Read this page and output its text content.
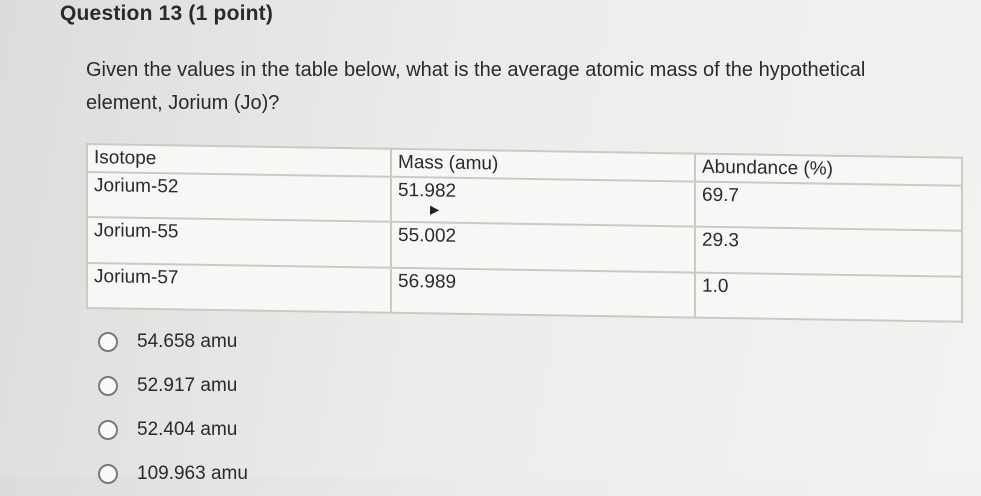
Question 13 (1 point)
Given the values in the table below, what is the average atomic mass of the hypothetical element, Jorium (Jo)?
Isotope	Mass (amu)	Abundance (%)
Jorium-52	51.982	69.7
Jorium-55	55.002	29.3
Jorium-57	56.989	1.0
▶
54.658 amu
52.917 amu
52.404 amu
109.963 amu
